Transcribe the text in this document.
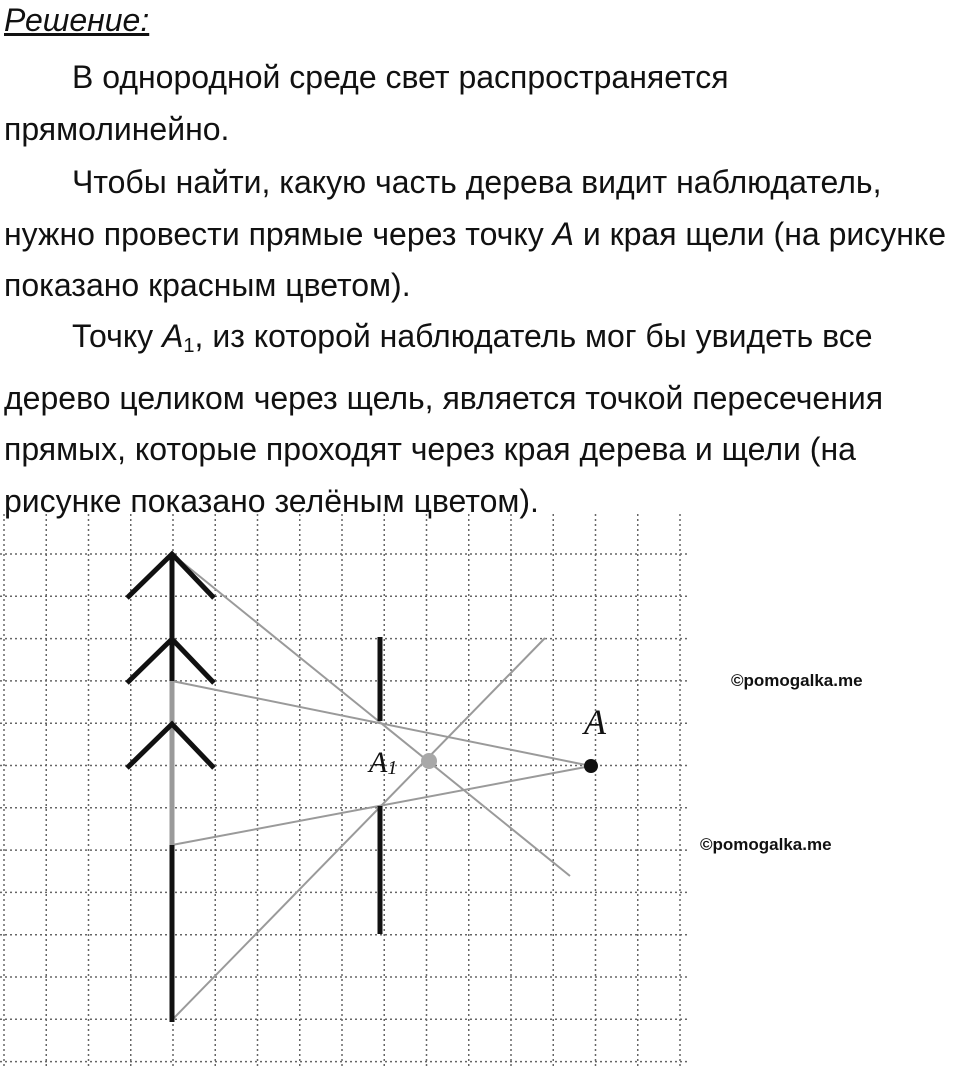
Решение:

В однородной среде свет распространяется прямолинейно.

Чтобы найти, какую часть дерева видит наблюдатель, нужно провести прямые через точку A и края щели (на рисунке показано красным цветом).

Точку $A_1$, из которой наблюдатель мог бы увидеть все дерево целиком через щель, является точкой пересечения прямых, которые проходят через края дерева и щели (на рисунке показано зелёным цветом).

A
A1
©pomogalka.me
©pomogalka.me
